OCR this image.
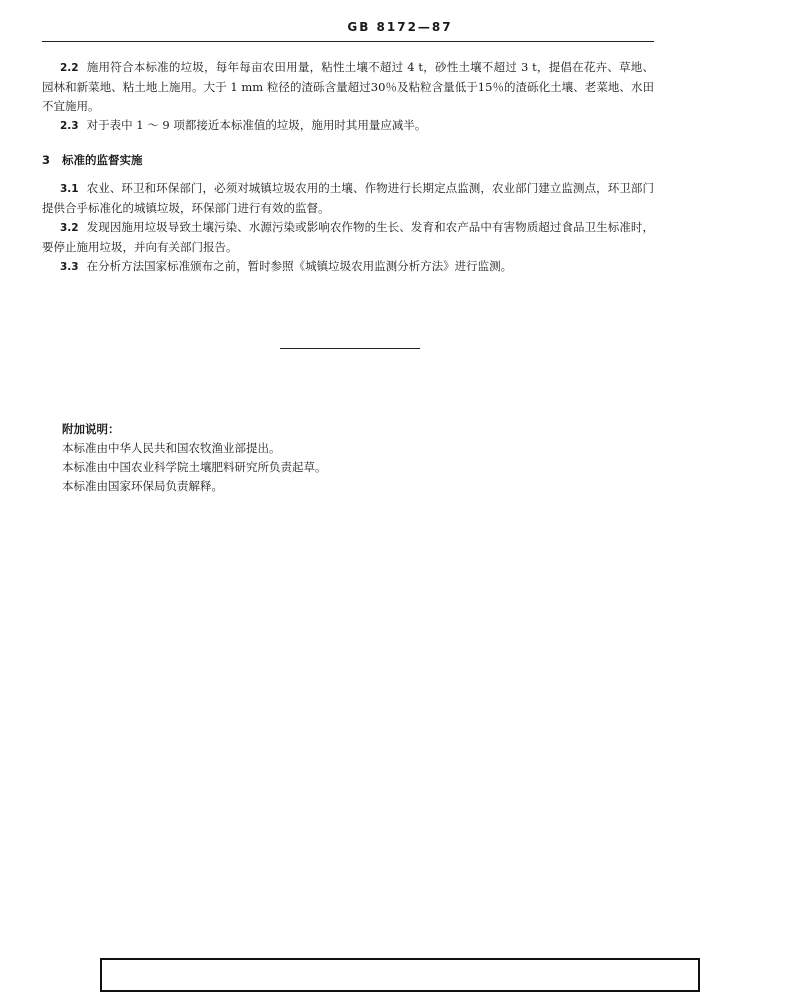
GB 8172—87

2.2 施用符合本标准的垃圾，每年每亩农田用量，粘性土壤不超过 4 t，砂性土壤不超过 3 t，提倡在花卉、草地、园林和新菜地、粘土地上施用。大于 1 mm 粒径的渣砾含量超过30％及粘粒含量低于15％的渣砾化土壤、老菜地、水田不宜施用。

2.3 对于表中 1 ～ 9 项都接近本标准值的垃圾，施用时其用量应减半。

3 标准的监督实施

3.1 农业、环卫和环保部门，必须对城镇垃圾农用的土壤、作物进行长期定点监测，农业部门建立监测点，环卫部门提供合乎标准化的城镇垃圾，环保部门进行有效的监督。

3.2 发现因施用垃圾导致土壤污染、水源污染或影响农作物的生长、发育和农产品中有害物质超过食品卫生标准时，要停止施用垃圾，并向有关部门报告。

3.3 在分析方法国家标准颁布之前，暂时参照《城镇垃圾农用监测分析方法》进行监测。

附加说明：
本标准由中华人民共和国农牧渔业部提出。
本标准由中国农业科学院土壤肥料研究所负责起草。
本标准由国家环保局负责解释。
